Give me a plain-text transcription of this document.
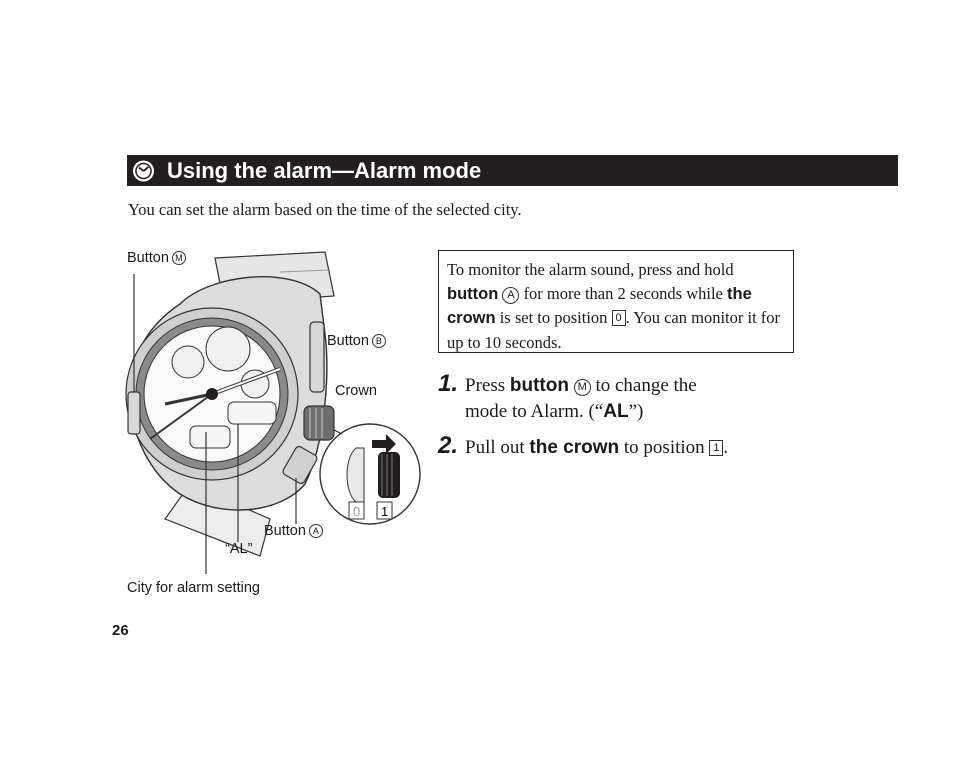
Using the alarm—Alarm mode
You can set the alarm based on the time of the selected city.
0 1
Button M
Button B
Crown
Button A
“AL”
City for alarm setting
To monitor the alarm sound, press and hold button A for more than 2 seconds while the crown is set to position 0 . You can monitor it for up to 10 seconds.
1. Press button M to change the
mode to Alarm. (“AL”)
2. Pull out the crown to position 1 .
26
